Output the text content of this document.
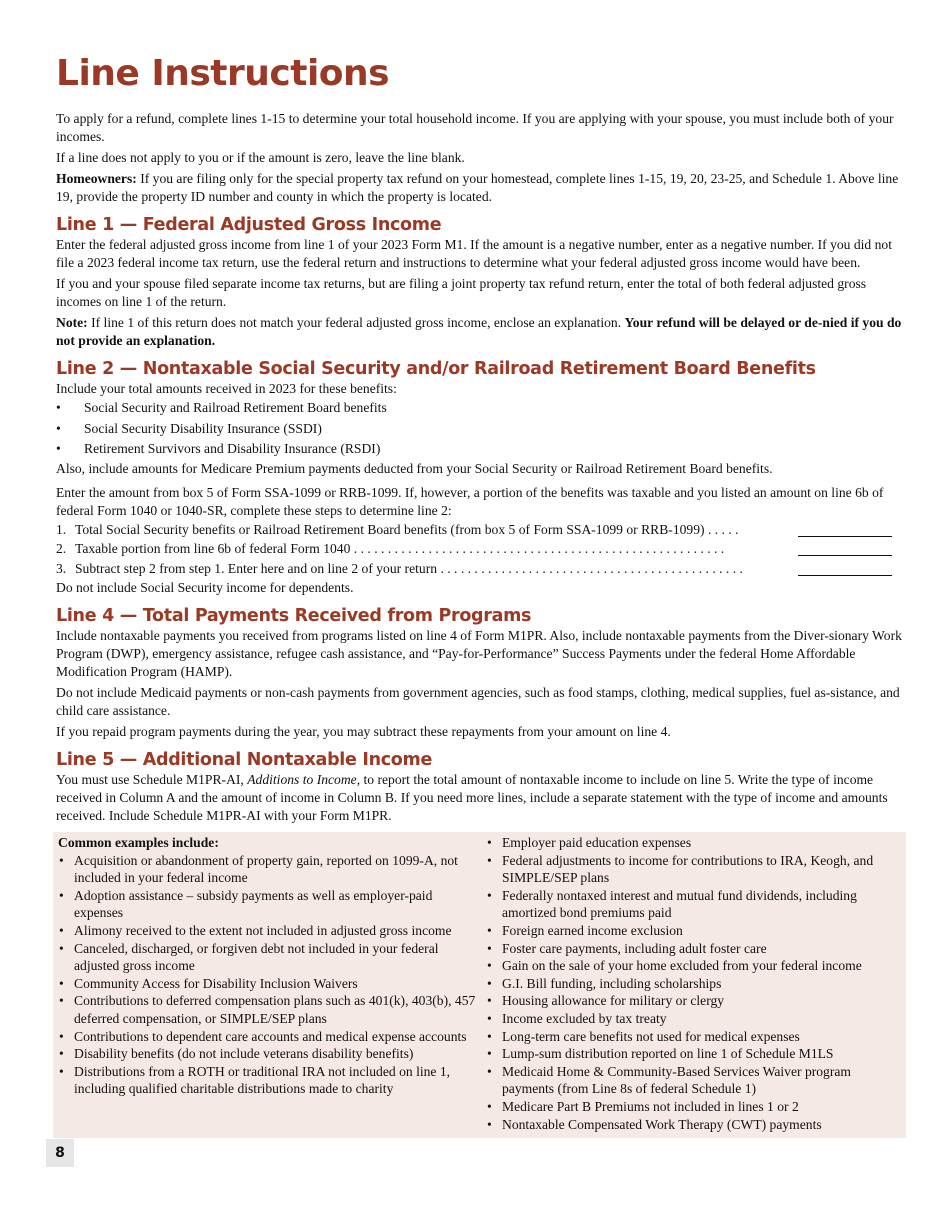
Line Instructions

To apply for a refund, complete lines 1-15 to determine your total household income. If you are applying with your spouse, you must include both of your incomes.

If a line does not apply to you or if the amount is zero, leave the line blank.

Homeowners: If you are filing only for the special property tax refund on your homestead, complete lines 1-15, 19, 20, 23-25, and Schedule 1. Above line 19, provide the property ID number and county in which the property is located.

Line 1 — Federal Adjusted Gross Income

Enter the federal adjusted gross income from line 1 of your 2023 Form M1. If the amount is a negative number, enter as a negative number. If you did not file a 2023 federal income tax return, use the federal return and instructions to determine what your federal adjusted gross income would have been.

If you and your spouse filed separate income tax returns, but are filing a joint property tax refund return, enter the total of both federal adjusted gross incomes on line 1 of the return.

Note: If line 1 of this return does not match your federal adjusted gross income, enclose an explanation. Your refund will be delayed or de-nied if you do not provide an explanation.

Line 2 — Nontaxable Social Security and/or Railroad Retirement Board Benefits

Include your total amounts received in 2023 for these benefits:

• Social Security and Railroad Retirement Board benefits
• Social Security Disability Insurance (SSDI)
• Retirement Survivors and Disability Insurance (RSDI)

Also, include amounts for Medicare Premium payments deducted from your Social Security or Railroad Retirement Board benefits.

Enter the amount from box 5 of Form SSA-1099 or RRB-1099. If, however, a portion of the benefits was taxable and you listed an amount on line 6b of federal Form 1040 or 1040-SR, complete these steps to determine line 2:

1. Total Social Security benefits or Railroad Retirement Board benefits (from box 5 of Form SSA-1099 or RRB-1099) . . . . .
2. Taxable portion from line 6b of federal Form 1040 . . . . . . . . . . . . . . . . . . . . . . . . . . . . . . . . . . . . . . . . . . . . . . . . . . . . . . .
3. Subtract step 2 from step 1. Enter here and on line 2 of your return . . . . . . . . . . . . . . . . . . . . . . . . . . . . . . . . . . . . . . . . . . . . .

Do not include Social Security income for dependents.

Line 4 — Total Payments Received from Programs

Include nontaxable payments you received from programs listed on line 4 of Form M1PR. Also, include nontaxable payments from the Diver-sionary Work Program (DWP), emergency assistance, refugee cash assistance, and “Pay-for-Performance” Success Payments under the federal Home Affordable Modification Program (HAMP).

Do not include Medicaid payments or non-cash payments from government agencies, such as food stamps, clothing, medical supplies, fuel as-sistance, and child care assistance.

If you repaid program payments during the year, you may subtract these repayments from your amount on line 4.

Line 5 — Additional Nontaxable Income

You must use Schedule M1PR-AI, Additions to Income, to report the total amount of nontaxable income to include on line 5. Write the type of income received in Column A and the amount of income in Column B. If you need more lines, include a separate statement with the type of income and amounts received. Include Schedule M1PR-AI with your Form M1PR.

Common examples include:
• Acquisition or abandonment of property gain, reported on 1099-A, not included in your federal income
• Adoption assistance – subsidy payments as well as employer-paid expenses
• Alimony received to the extent not included in adjusted gross income
• Canceled, discharged, or forgiven debt not included in your federal adjusted gross income
• Community Access for Disability Inclusion Waivers
• Contributions to deferred compensation plans such as 401(k), 403(b), 457 deferred compensation, or SIMPLE/SEP plans
• Contributions to dependent care accounts and medical expense accounts
• Disability benefits (do not include veterans disability benefits)
• Distributions from a ROTH or traditional IRA not included on line 1, including qualified charitable distributions made to charity
• Employer paid education expenses
• Federal adjustments to income for contributions to IRA, Keogh, and SIMPLE/SEP plans
• Federally nontaxed interest and mutual fund dividends, including amortized bond premiums paid
• Foreign earned income exclusion
• Foster care payments, including adult foster care
• Gain on the sale of your home excluded from your federal income
• G.I. Bill funding, including scholarships
• Housing allowance for military or clergy
• Income excluded by tax treaty
• Long-term care benefits not used for medical expenses
• Lump-sum distribution reported on line 1 of Schedule M1LS
• Medicaid Home & Community-Based Services Waiver program payments (from Line 8s of federal Schedule 1)
• Medicare Part B Premiums not included in lines 1 or 2
• Nontaxable Compensated Work Therapy (CWT) payments
8
